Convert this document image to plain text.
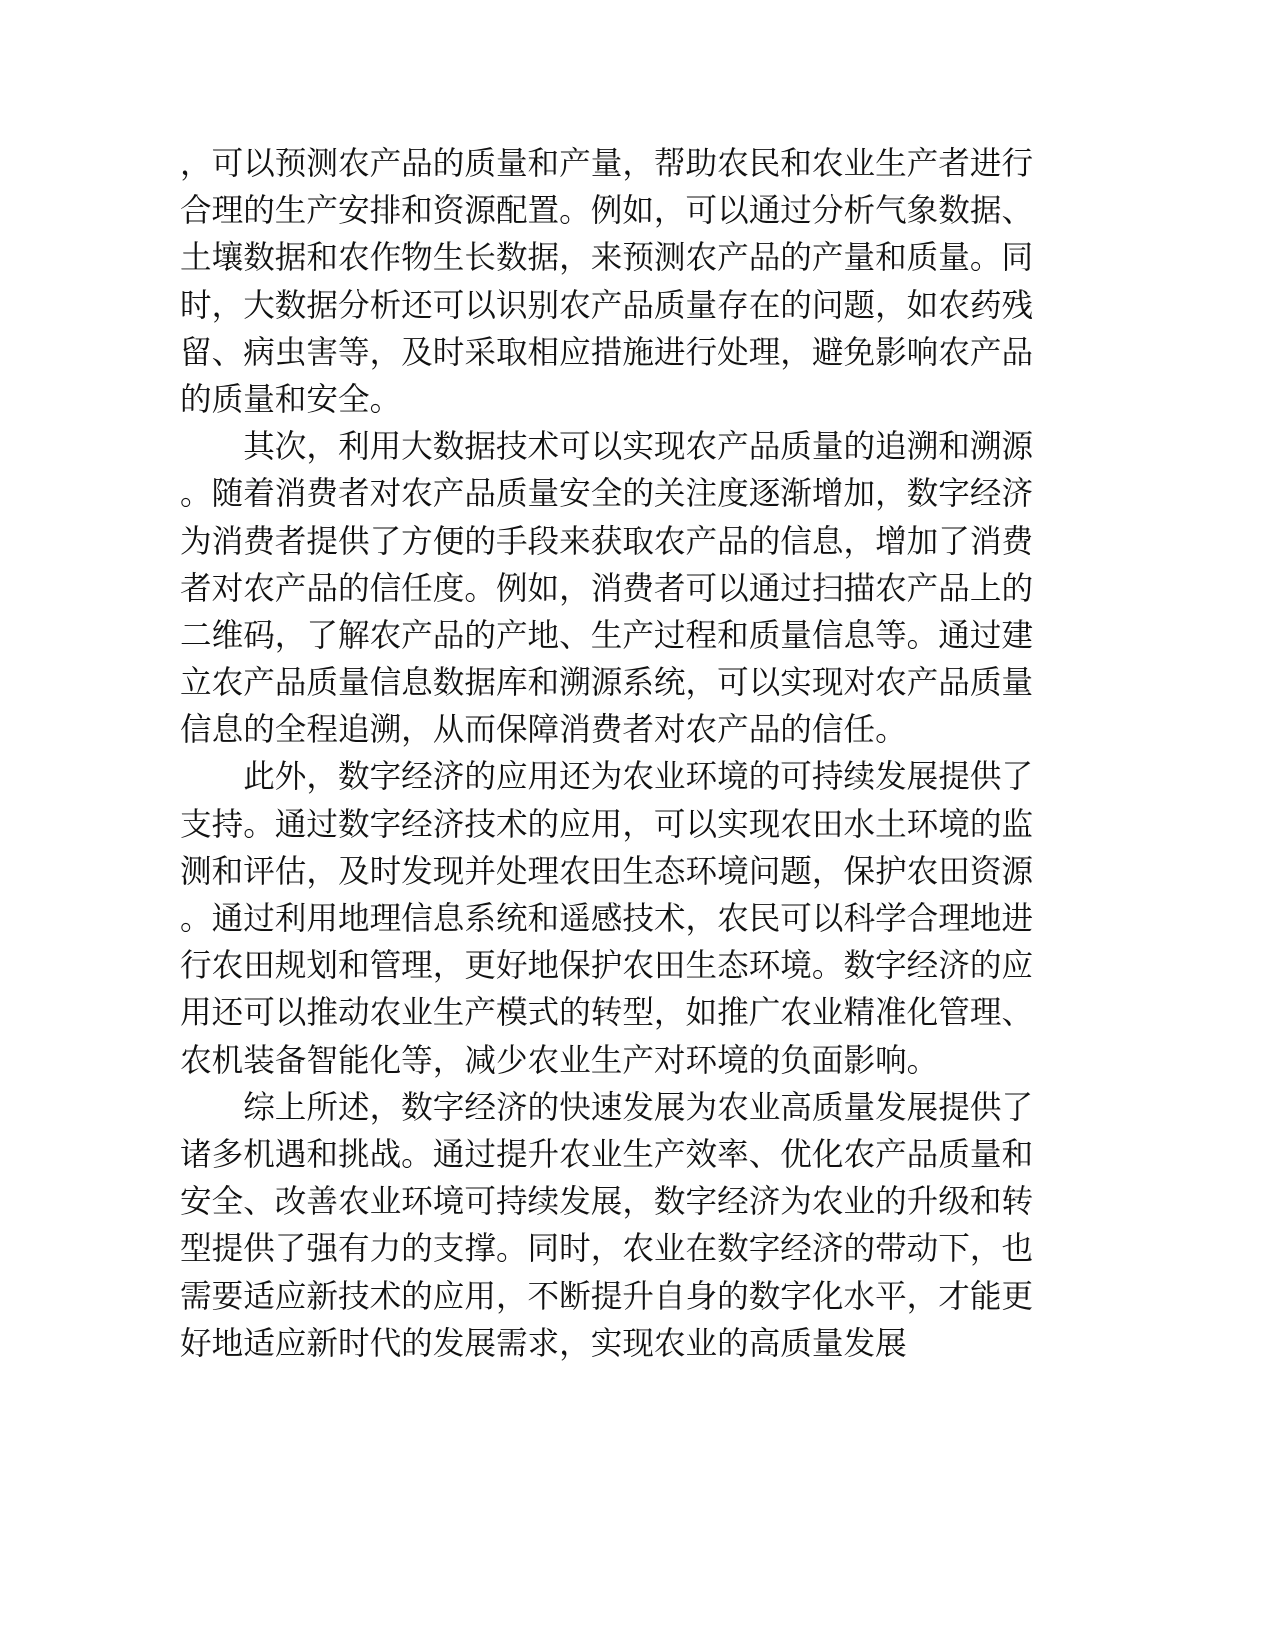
，可以预测农产品的质量和产量，帮助农民和农业生产者进行
合理的生产安排和资源配置。例如，可以通过分析气象数据、
土壤数据和农作物生长数据，来预测农产品的产量和质量。同
时，大数据分析还可以识别农产品质量存在的问题，如农药残
留、病虫害等，及时采取相应措施进行处理，避免影响农产品
的质量和安全。
其次，利用大数据技术可以实现农产品质量的追溯和溯源
。随着消费者对农产品质量安全的关注度逐渐增加，数字经济
为消费者提供了方便的手段来获取农产品的信息，增加了消费
者对农产品的信任度。例如，消费者可以通过扫描农产品上的
二维码，了解农产品的产地、生产过程和质量信息等。通过建
立农产品质量信息数据库和溯源系统，可以实现对农产品质量
信息的全程追溯，从而保障消费者对农产品的信任。
此外，数字经济的应用还为农业环境的可持续发展提供了
支持。通过数字经济技术的应用，可以实现农田水土环境的监
测和评估，及时发现并处理农田生态环境问题，保护农田资源
。通过利用地理信息系统和遥感技术，农民可以科学合理地进
行农田规划和管理，更好地保护农田生态环境。数字经济的应
用还可以推动农业生产模式的转型，如推广农业精准化管理、
农机装备智能化等，减少农业生产对环境的负面影响。
综上所述，数字经济的快速发展为农业高质量发展提供了
诸多机遇和挑战。通过提升农业生产效率、优化农产品质量和
安全、改善农业环境可持续发展，数字经济为农业的升级和转
型提供了强有力的支撑。同时，农业在数字经济的带动下，也
需要适应新技术的应用，不断提升自身的数字化水平，才能更
好地适应新时代的发展需求，实现农业的高质量发展
